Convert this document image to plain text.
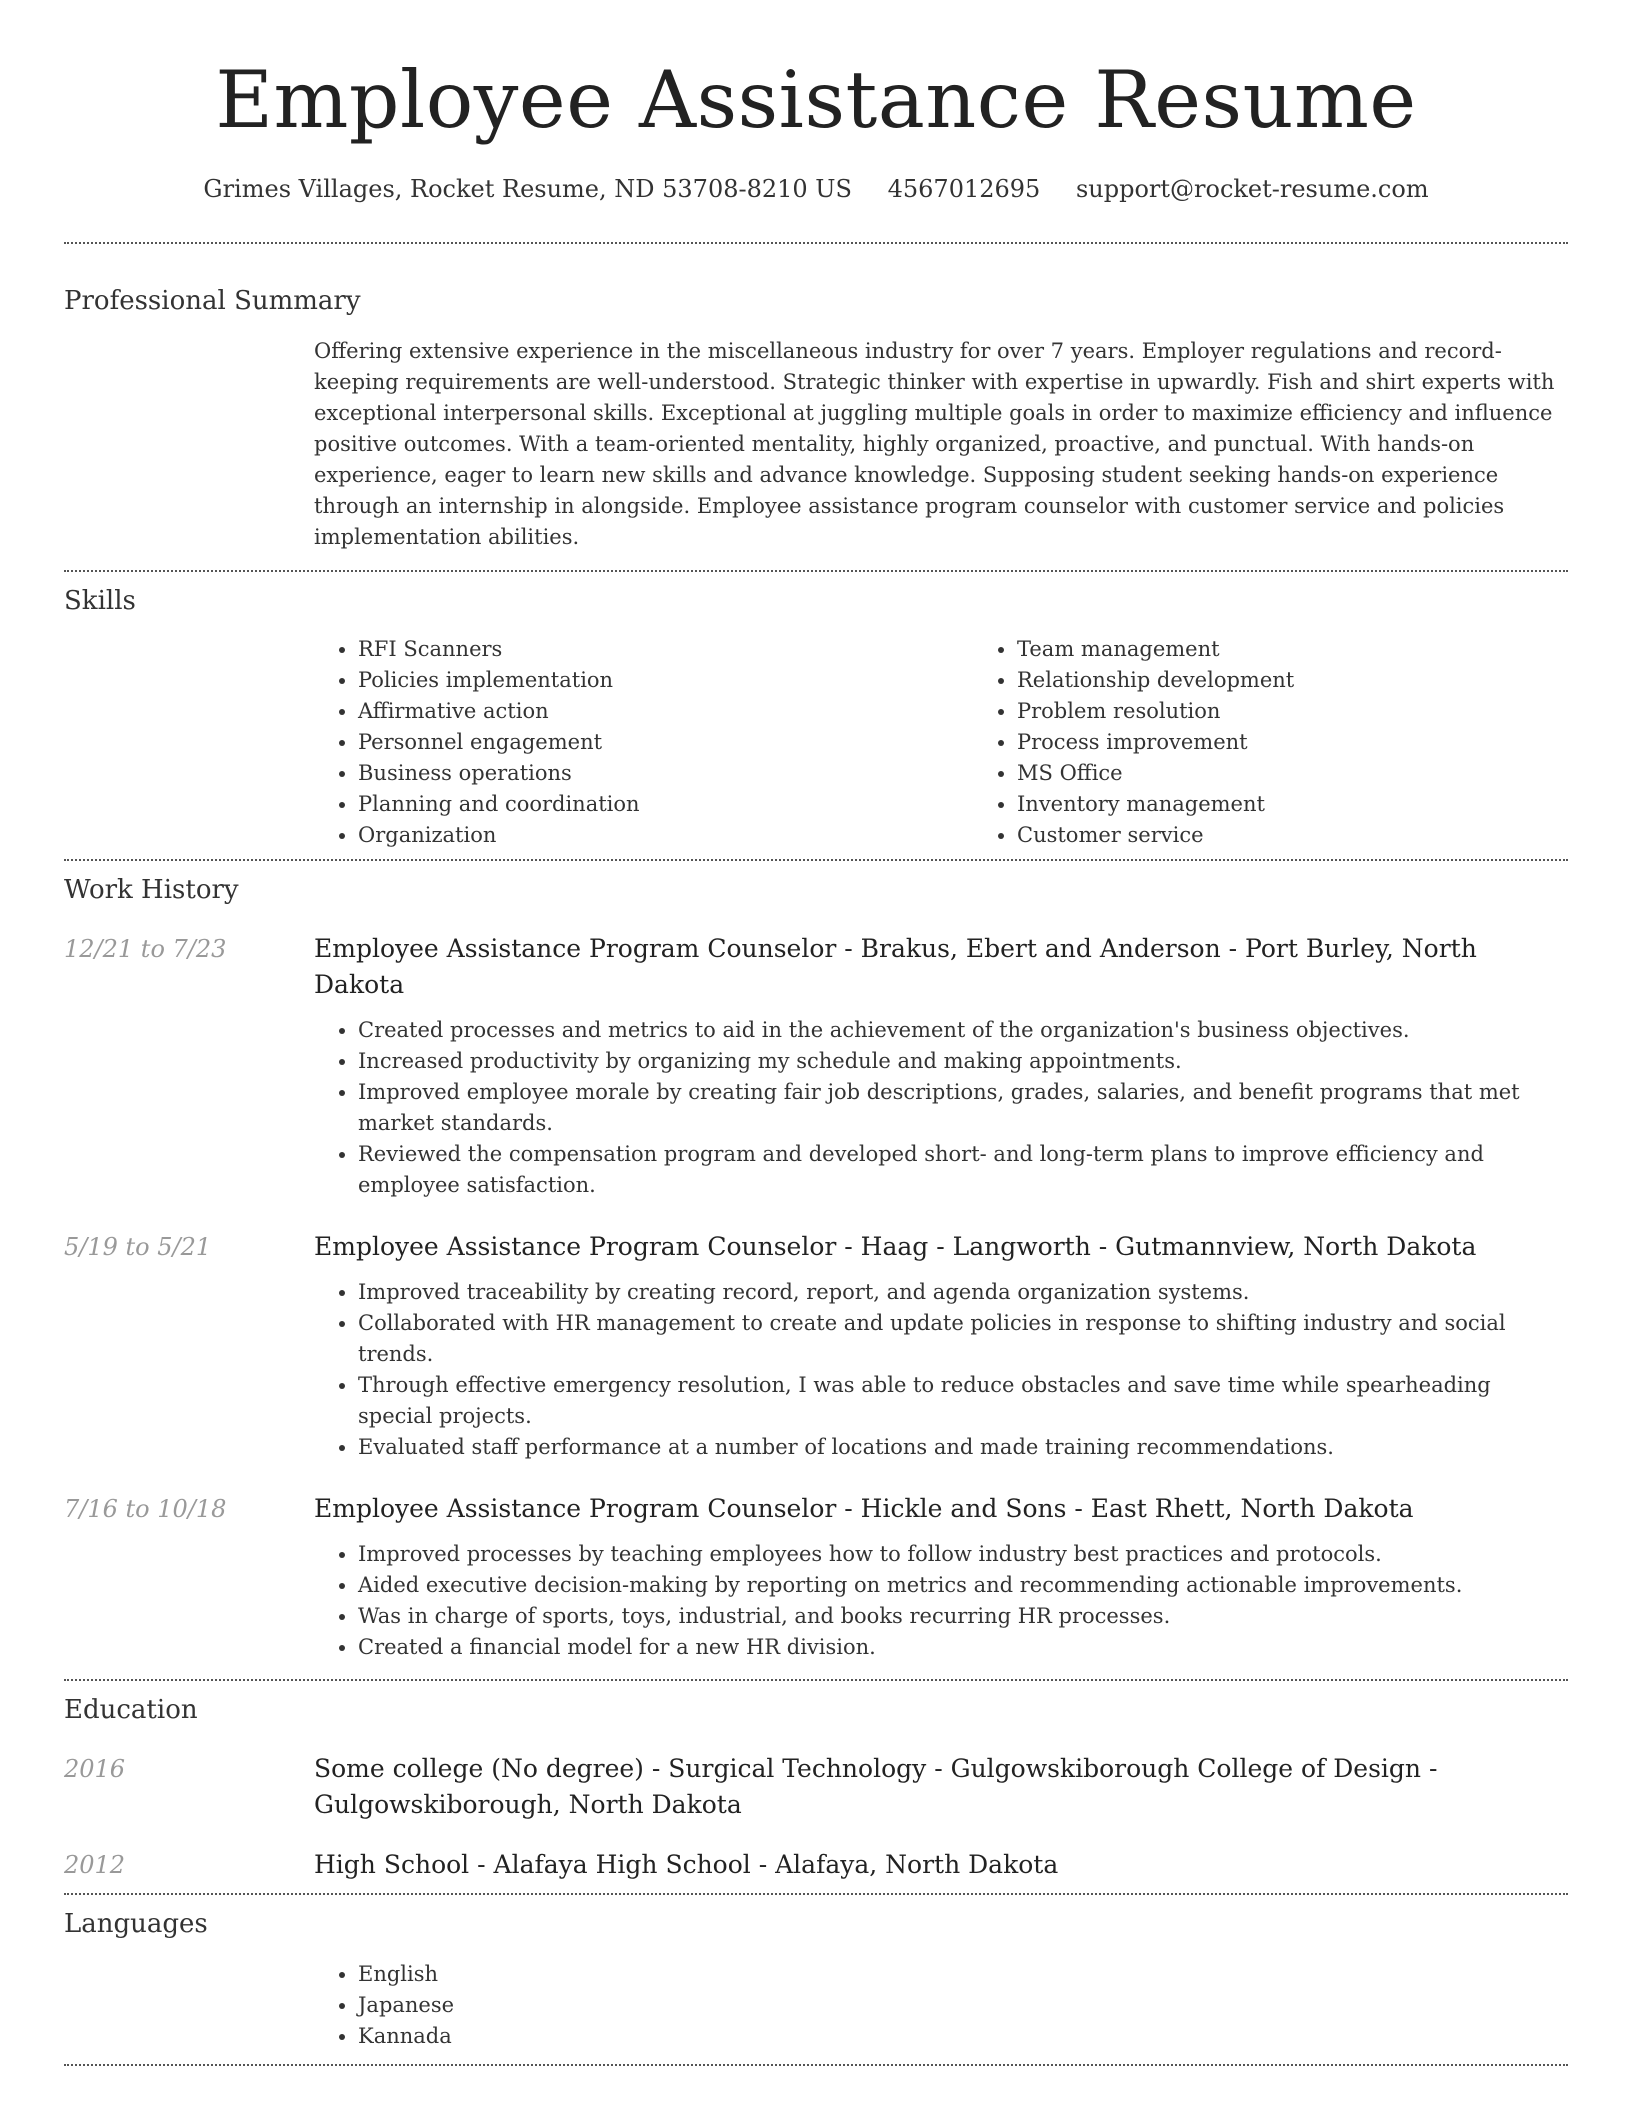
Employee Assistance Resume
Grimes Villages, Rocket Resume, ND 53708-8210 US 4567012695 support@rocket-resume.com
Professional Summary
Offering extensive experience in the miscellaneous industry for over 7 years. Employer regulations and record-keeping requirements are well-understood. Strategic thinker with expertise in upwardly. Fish and shirt experts with exceptional interpersonal skills. Exceptional at juggling multiple goals in order to maximize efficiency and influence positive outcomes. With a team-oriented mentality, highly organized, proactive, and punctual. With hands-on experience, eager to learn new skills and advance knowledge. Supposing student seeking hands-on experience through an internship in alongside. Employee assistance program counselor with customer service and policies implementation abilities.
Skills
• RFI Scanners
• Policies implementation
• Affirmative action
• Personnel engagement
• Business operations
• Planning and coordination
• Organization
• Team management
• Relationship development
• Problem resolution
• Process improvement
• MS Office
• Inventory management
• Customer service
Work History
12/21 to 7/23	Employee Assistance Program Counselor - Brakus, Ebert and Anderson - Port Burley, North Dakota
• Created processes and metrics to aid in the achievement of the organization's business objectives.
• Increased productivity by organizing my schedule and making appointments.
• Improved employee morale by creating fair job descriptions, grades, salaries, and benefit programs that met market standards.
• Reviewed the compensation program and developed short- and long-term plans to improve efficiency and employee satisfaction.
5/19 to 5/21	Employee Assistance Program Counselor - Haag - Langworth - Gutmannview, North Dakota
• Improved traceability by creating record, report, and agenda organization systems.
• Collaborated with HR management to create and update policies in response to shifting industry and social trends.
• Through effective emergency resolution, I was able to reduce obstacles and save time while spearheading special projects.
• Evaluated staff performance at a number of locations and made training recommendations.
7/16 to 10/18	Employee Assistance Program Counselor - Hickle and Sons - East Rhett, North Dakota
• Improved processes by teaching employees how to follow industry best practices and protocols.
• Aided executive decision-making by reporting on metrics and recommending actionable improvements.
• Was in charge of sports, toys, industrial, and books recurring HR processes.
• Created a financial model for a new HR division.
Education
2016	Some college (No degree) - Surgical Technology - Gulgowskiborough College of Design - Gulgowskiborough, North Dakota
2012	High School - Alafaya High School - Alafaya, North Dakota
Languages
• English
• Japanese
• Kannada
